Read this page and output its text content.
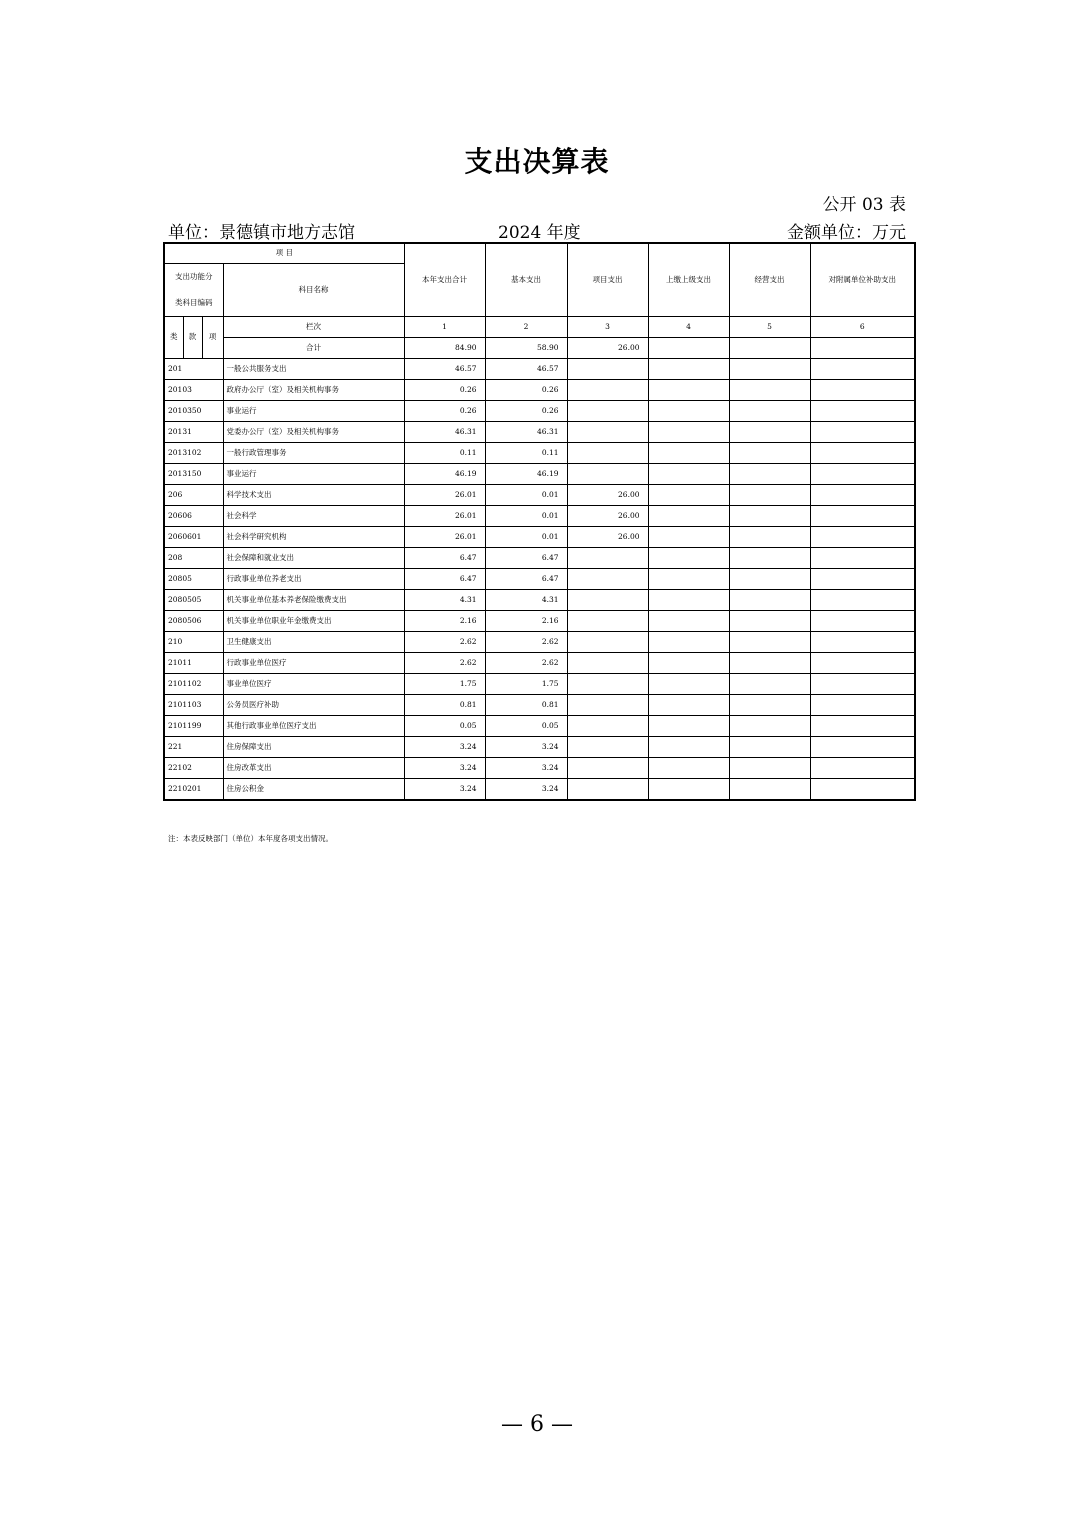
支出决算表
公开 03 表
单位：景德镇市地方志馆	2024 年度	金额单位：万元
项 目				本年支出合计	基本支出	项目支出	上缴上级支出	经营支出	对附属单位补助支出

支出功能分
类科目编码			科目名称						
类	款	项	栏次	1	2	3	4	5	6
			合计	84.90	58.90	26.00			
201			一般公共服务支出	46.57	46.57				
20103			政府办公厅（室）及相关机构事务	0.26	0.26				
2010350			事业运行	0.26	0.26				
20131			党委办公厅（室）及相关机构事务	46.31	46.31				
2013102			一般行政管理事务	0.11	0.11				
2013150			事业运行	46.19	46.19				
206			科学技术支出	26.01	0.01	26.00			
20606			社会科学	26.01	0.01	26.00			
2060601			社会科学研究机构	26.01	0.01	26.00			
208			社会保障和就业支出	6.47	6.47				
20805			行政事业单位养老支出	6.47	6.47				
2080505			机关事业单位基本养老保险缴费支出	4.31	4.31				
2080506			机关事业单位职业年金缴费支出	2.16	2.16				
210			卫生健康支出	2.62	2.62				
21011			行政事业单位医疗	2.62	2.62				
2101102			事业单位医疗	1.75	1.75				
2101103			公务员医疗补助	0.81	0.81				
2101199			其他行政事业单位医疗支出	0.05	0.05				
221			住房保障支出	3.24	3.24				
22102			住房改革支出	3.24	3.24				
2210201			住房公积金	3.24	3.24				
注：本表反映部门（单位）本年度各项支出情况。
— 6 —
